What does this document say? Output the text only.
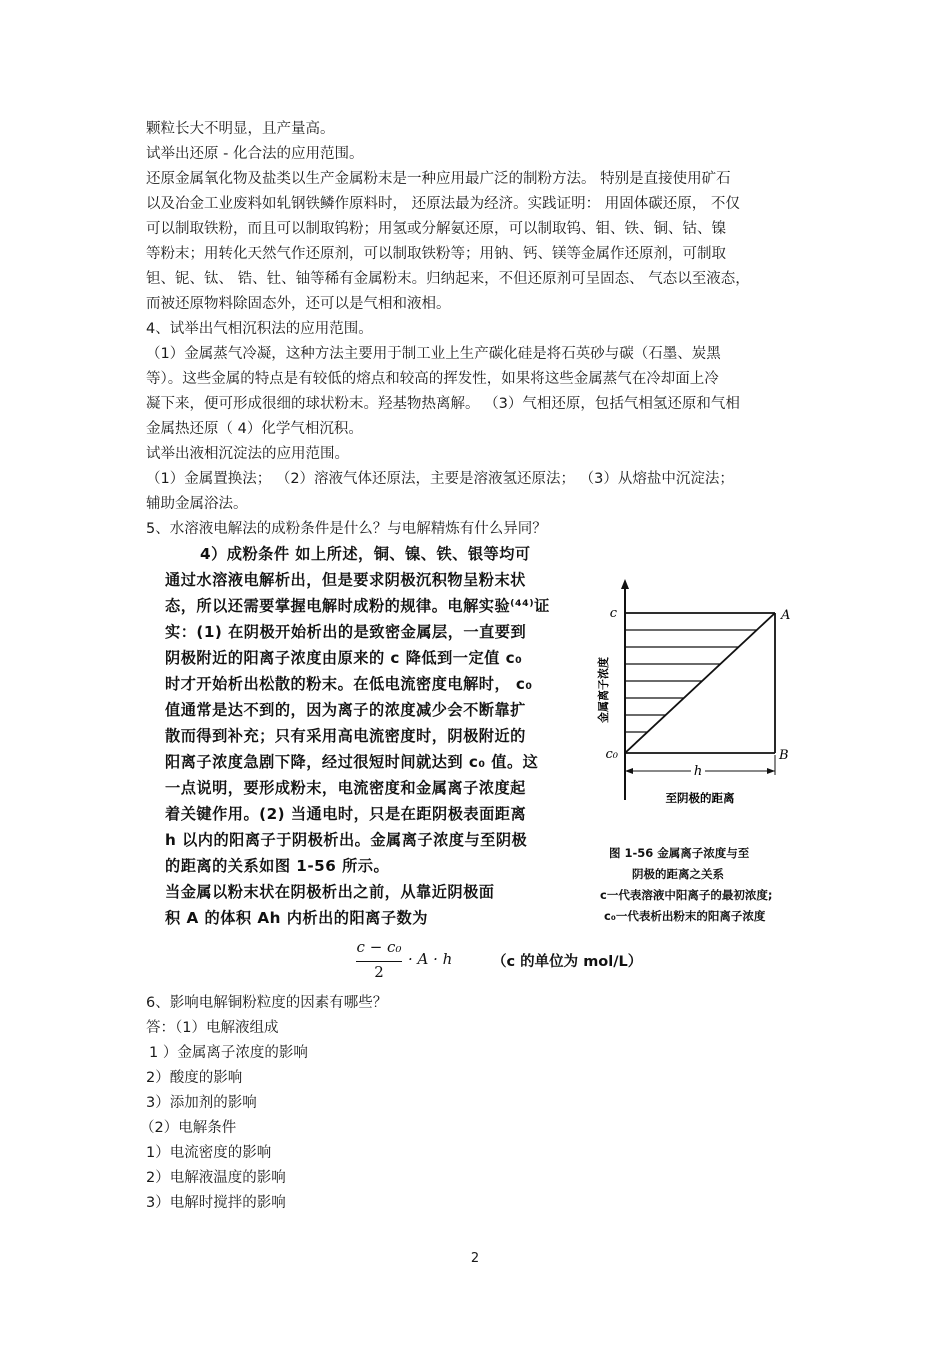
颗粒长大不明显，且产量高。
试举出还原 - 化合法的应用范围。
还原金属氧化物及盐类以生产金属粉末是一种应用最广泛的制粉方法。 特别是直接使用矿石
以及冶金工业废料如轧钢铁鳞作原料时， 还原法最为经济。实践证明： 用固体碳还原， 不仅
可以制取铁粉，而且可以制取钨粉；用氢或分解氨还原，可以制取钨、钼、铁、铜、钴、镍
等粉末；用转化天然气作还原剂，可以制取铁粉等；用钠、钙、镁等金属作还原剂，可制取
钽、铌、钛、 锆、钍、铀等稀有金属粉末。归纳起来，不但还原剂可呈固态、 气态以至液态，
而被还原物料除固态外，还可以是气相和液相。
4、试举出气相沉积法的应用范围。
（1）金属蒸气冷凝，这种方法主要用于制工业上生产碳化硅是将石英砂与碳（石墨、炭黑
等）。这些金属的特点是有较低的熔点和较高的挥发性，如果将这些金属蒸气在冷却面上冷
凝下来，便可形成很细的球状粉末。羟基物热离解。 （3）气相还原，包括气相氢还原和气相
金属热还原（ 4）化学气相沉积。
试举出液相沉淀法的应用范围。
（1）金属置换法； （2）溶液气体还原法，主要是溶液氢还原法； （3）从熔盐中沉淀法；
辅助金属浴法。
5、水溶液电解法的成粉条件是什么？与电解精炼有什么异同？
4）成粉条件 如上所述，铜、镍、铁、银等均可
通过水溶液电解析出，但是要求阴极沉积物呈粉末状
态，所以还需要掌握电解时成粉的规律。电解实验⁽⁴⁴⁾证
实：(1) 在阴极开始析出的是致密金属层，一直要到
阴极附近的阳离子浓度由原来的 c 降低到一定值 c₀
时才开始析出松散的粉末。在低电流密度电解时， c₀
值通常是达不到的，因为离子的浓度减少会不断靠扩
散而得到补充；只有采用高电流密度时，阴极附近的
阳离子浓度急剧下降，经过很短时间就达到 c₀ 值。这
一点说明，要形成粉末，电流密度和金属离子浓度起
着关键作用。(2) 当通电时，只是在距阴极表面距离
h 以内的阳离子于阴极析出。金属离子浓度与至阴极
的距离的关系如图 1-56 所示。
当金属以粉末状在阴极析出之前，从靠近阴极面
积 A 的体积 Ah 内析出的阳离子数为
h
c
c₀
A
B
至阴极的距离
金属离子浓度
图 1-56 金属离子浓度与至
阴极的距离之关系
c一代表溶液中阳离子的最初浓度;
c₀一代表析出粉末的阳离子浓度
c − c₀
2
· A · h	（c 的单位为 mol/L）
6、影响电解铜粉粒度的因素有哪些？
答：（1）电解液组成
1 ）金属离子浓度的影响
2）酸度的影响
3）添加剂的影响
（2）电解条件
1）电流密度的影响
2）电解液温度的影响
3）电解时搅拌的影响
2
